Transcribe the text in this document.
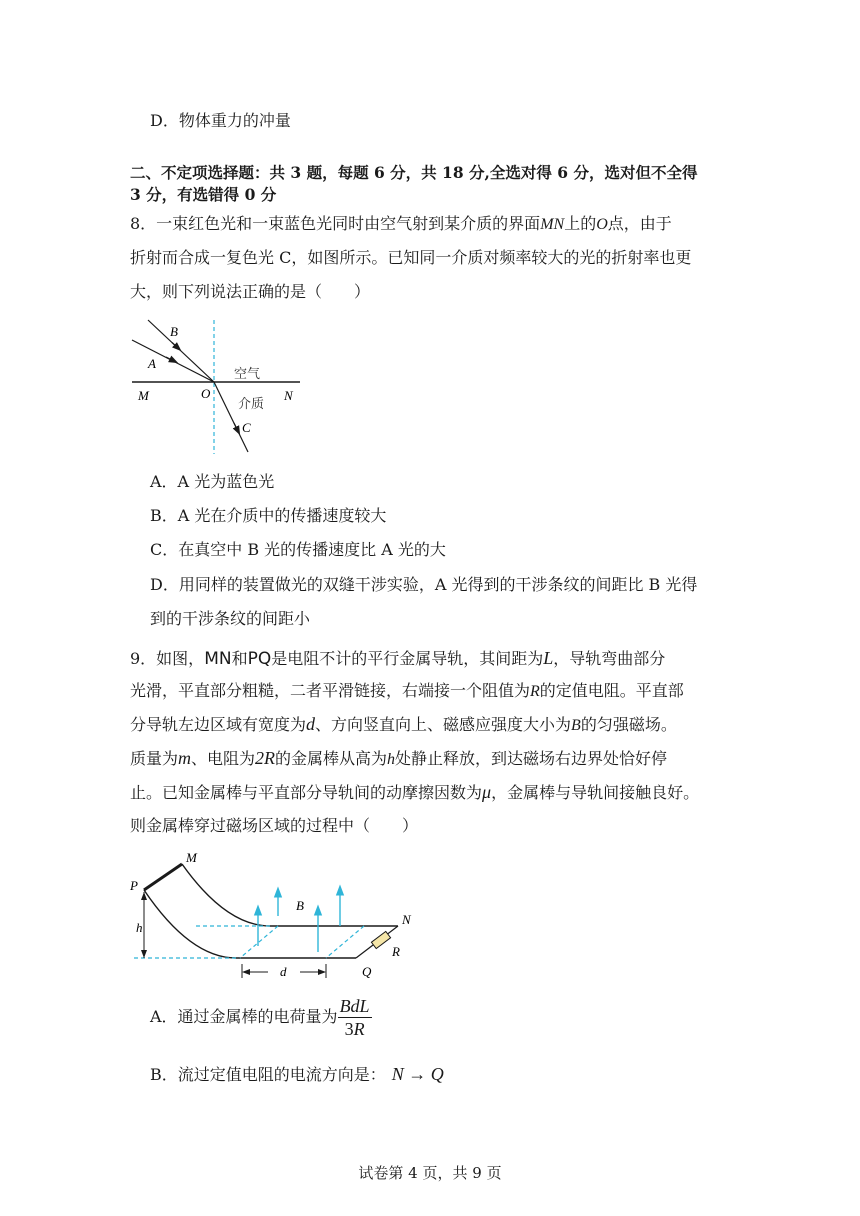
D．物体重力的冲量
二、不定项选择题：共 3 题，每题 6 分，共 18 分,全选对得 6 分，选对但不全得
3 分，有选错得 0 分
8．一束红色光和一束蓝色光同时由空气射到某介质的界面MN上的O点，由于
折射而合成一复色光 C，如图所示。已知同一介质对频率较大的光的折射率也更
大，则下列说法正确的是（　　）
B
A
M	O	N
C
空气
介质
A．A 光为蓝色光
B．A 光在介质中的传播速度较大
C．在真空中 B 光的传播速度比 A 光的大
D．用同样的装置做光的双缝干涉实验，A 光得到的干涉条纹的间距比 B 光得
到的干涉条纹的间距小
9．如图，MN和PQ是电阻不计的平行金属导轨，其间距为L，导轨弯曲部分
光滑，平直部分粗糙，二者平滑链接，右端接一个阻值为R的定值电阻。平直部
分导轨左边区域有宽度为d、方向竖直向上、磁感应强度大小为B的匀强磁场。
质量为m、电阻为2R的金属棒从高为h处静止释放，到达磁场右边界处恰好停
止。已知金属棒与平直部分导轨间的动摩擦因数为μ，金属棒与导轨间接触良好。
则金属棒穿过磁场区域的过程中（　　）
M
P
B
N
h
R
Q
d
A．通过金属棒的电荷量为 $\frac{\text{BdL}}{3R}$
B．流过定值电阻的电流方向是： N → Q
试卷第 4 页，共 9 页
